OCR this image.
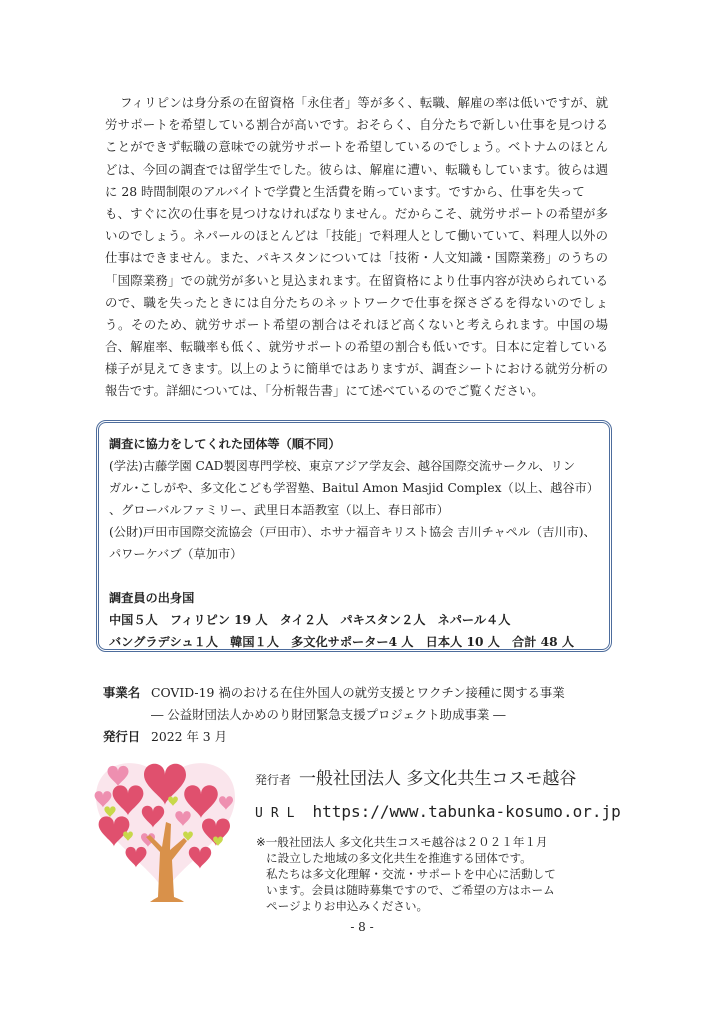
フィリピンは身分系の在留資格「永住者」等が多く、転職、解雇の率は低いですが、就
労サポートを希望している割合が高いです。おそらく、自分たちで新しい仕事を見つける
ことができず転職の意味での就労サポートを希望しているのでしょう。ベトナムのほとん
どは、今回の調査では留学生でした。彼らは、解雇に遭い、転職もしています。彼らは週
に 28 時間制限のアルバイトで学費と生活費を賄っています。ですから、仕事を失って
も、すぐに次の仕事を見つけなければなりません。だからこそ、就労サポートの希望が多
いのでしょう。ネパールのほとんどは「技能」で料理人として働いていて、料理人以外の
仕事はできません。また、パキスタンについては「技術・人文知識・国際業務」のうちの
「国際業務」での就労が多いと見込まれます。在留資格により仕事内容が決められている
ので、職を失ったときには自分たちのネットワークで仕事を探さざるを得ないのでしょ
う。そのため、就労サポート希望の割合はそれほど高くないと考えられます。中国の場
合、解雇率、転職率も低く、就労サポートの希望の割合も低いです。日本に定着している
様子が見えてきます。以上のように簡単ではありますが、調査シートにおける就労分析の
報告です。詳細については、「分析報告書」にて述べているのでご覧ください。
調査に協力をしてくれた団体等（順不同）
(学法)古藤学園 CAD製図専門学校、東京アジア学友会、越谷国際交流サークル、リン
ガル･こしがや、多文化こども学習塾、Baitul Amon Masjid Complex（以上、越谷市）
、グローバルファミリー、武里日本語教室（以上、春日部市）
(公財)戸田市国際交流協会（戸田市）、ホサナ福音キリスト協会 吉川チャペル（吉川市)、
パワーケバブ（草加市）
調査員の出身国
中国５人　フィリピン 19 人　タイ２人　パキスタン２人　ネパール４人
バングラデシュ１人　韓国１人　多文化サポーター4 人　日本人 10 人　合計 48 人
事業名 COVID-19 禍のおける在住外国人の就労支援とワクチン接種に関する事業
― 公益財団法人かめのり財団緊急支援プロジェクト助成事業 ―
発行日 2022 年 3 月
発行者 一般社団法人 多文化共生コスモ越谷
URL https://www.tabunka-kosumo.or.jp
※一般社団法人 多文化共生コスモ越谷は２０２１年１月
に設立した地域の多文化共生を推進する団体です。
私たちは多文化理解・交流・サポートを中心に活動して
います。会員は随時募集ですので、ご希望の方はホーム
ページよりお申込みください。
- 8 -
